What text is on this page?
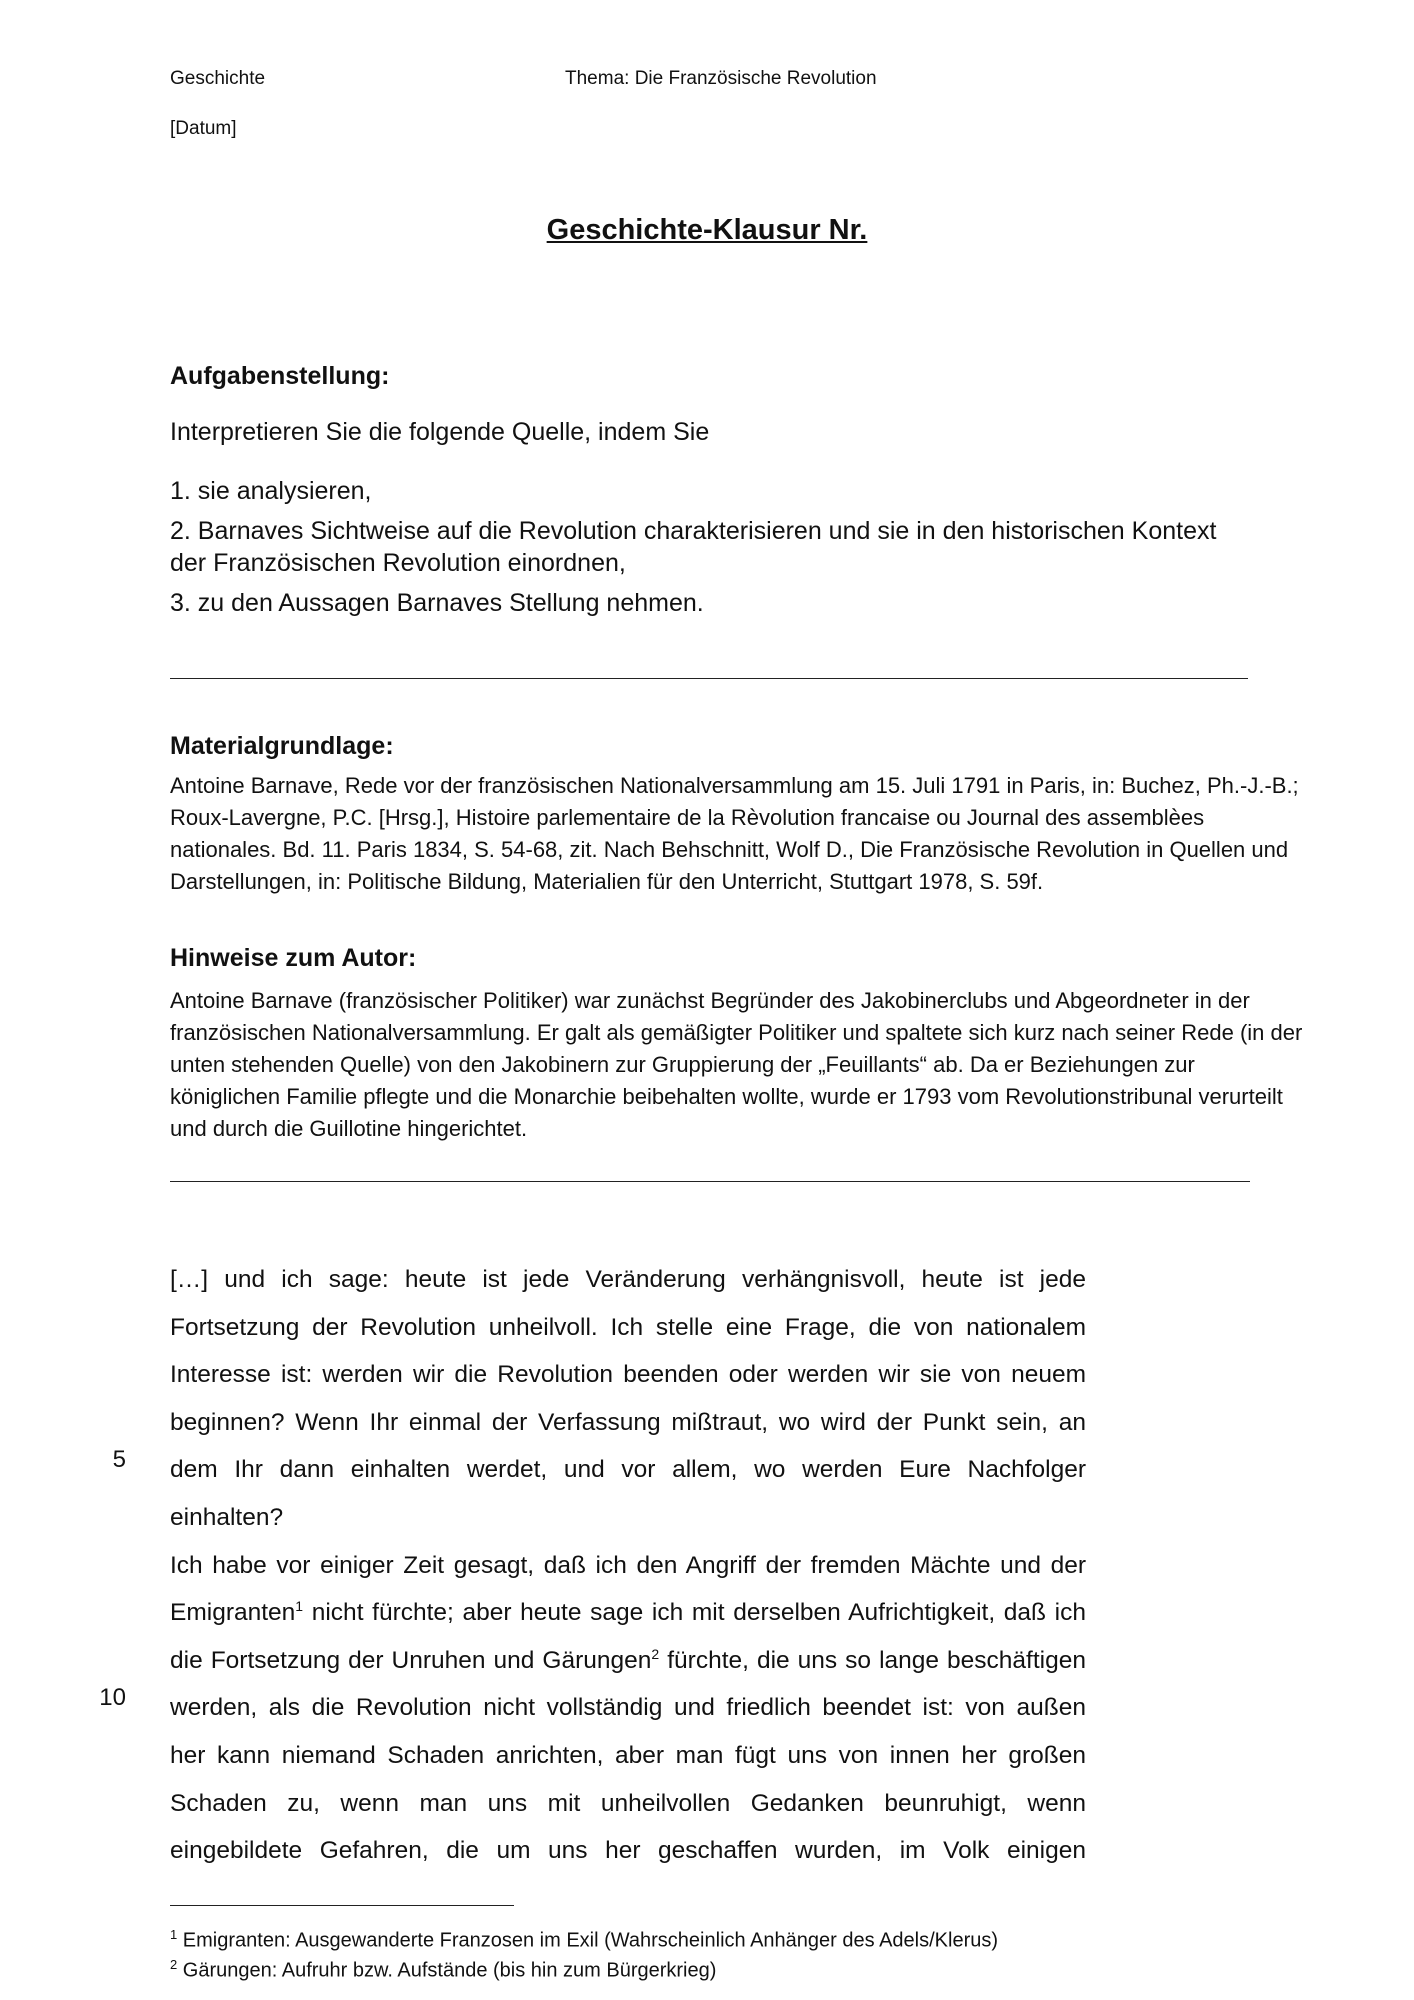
Geschichte	Thema: Die Französische Revolution
[Datum]
Geschichte-Klausur Nr.
Aufgabenstellung:
Interpretieren Sie die folgende Quelle, indem Sie
1. sie analysieren,
2. Barnaves Sichtweise auf die Revolution charakterisieren und sie in den historischen Kontext der Französischen Revolution einordnen,
3. zu den Aussagen Barnaves Stellung nehmen.
Materialgrundlage:
Antoine Barnave, Rede vor der französischen Nationalversammlung am 15. Juli 1791 in Paris, in: Buchez, Ph.-J.-B.; Roux-Lavergne, P.C. [Hrsg.], Histoire parlementaire de la Rèvolution francaise ou Journal des assemblèes nationales. Bd. 11. Paris 1834, S. 54-68, zit. Nach Behschnitt, Wolf D., Die Französische Revolution in Quellen und Darstellungen, in: Politische Bildung, Materialien für den Unterricht, Stuttgart 1978, S. 59f.
Hinweise zum Autor:
Antoine Barnave (französischer Politiker) war zunächst Begründer des Jakobinerclubs und Abgeordneter in der französischen Nationalversammlung. Er galt als gemäßigter Politiker und spaltete sich kurz nach seiner Rede (in der unten stehenden Quelle) von den Jakobinern zur Gruppierung der „Feuillants“ ab. Da er Beziehungen zur königlichen Familie pflegte und die Monarchie beibehalten wollte, wurde er 1793 vom Revolutionstribunal verurteilt und durch die Guillotine hingerichtet.
5
10
[…] und ich sage: heute ist jede Veränderung verhängnisvoll, heute ist jede
Fortsetzung der Revolution unheilvoll. Ich stelle eine Frage, die von nationalem
Interesse ist: werden wir die Revolution beenden oder werden wir sie von neuem
beginnen? Wenn Ihr einmal der Verfassung mißtraut, wo wird der Punkt sein, an
dem Ihr dann einhalten werdet, und vor allem, wo werden Eure Nachfolger
einhalten?
Ich habe vor einiger Zeit gesagt, daß ich den Angriff der fremden Mächte und der
Emigranten$^1$ nicht fürchte; aber heute sage ich mit derselben Aufrichtigkeit, daß ich
die Fortsetzung der Unruhen und Gärungen$^2$ fürchte, die uns so lange beschäftigen
werden, als die Revolution nicht vollständig und friedlich beendet ist: von außen
her kann niemand Schaden anrichten, aber man fügt uns von innen her großen
Schaden zu, wenn man uns mit unheilvollen Gedanken beunruhigt, wenn
eingebildete Gefahren, die um uns her geschaffen wurden, im Volk einigen
$^1$ Emigranten: Ausgewanderte Franzosen im Exil (Wahrscheinlich Anhänger des Adels/Klerus)
$^2$ Gärungen: Aufruhr bzw. Aufstände (bis hin zum Bürgerkrieg)
